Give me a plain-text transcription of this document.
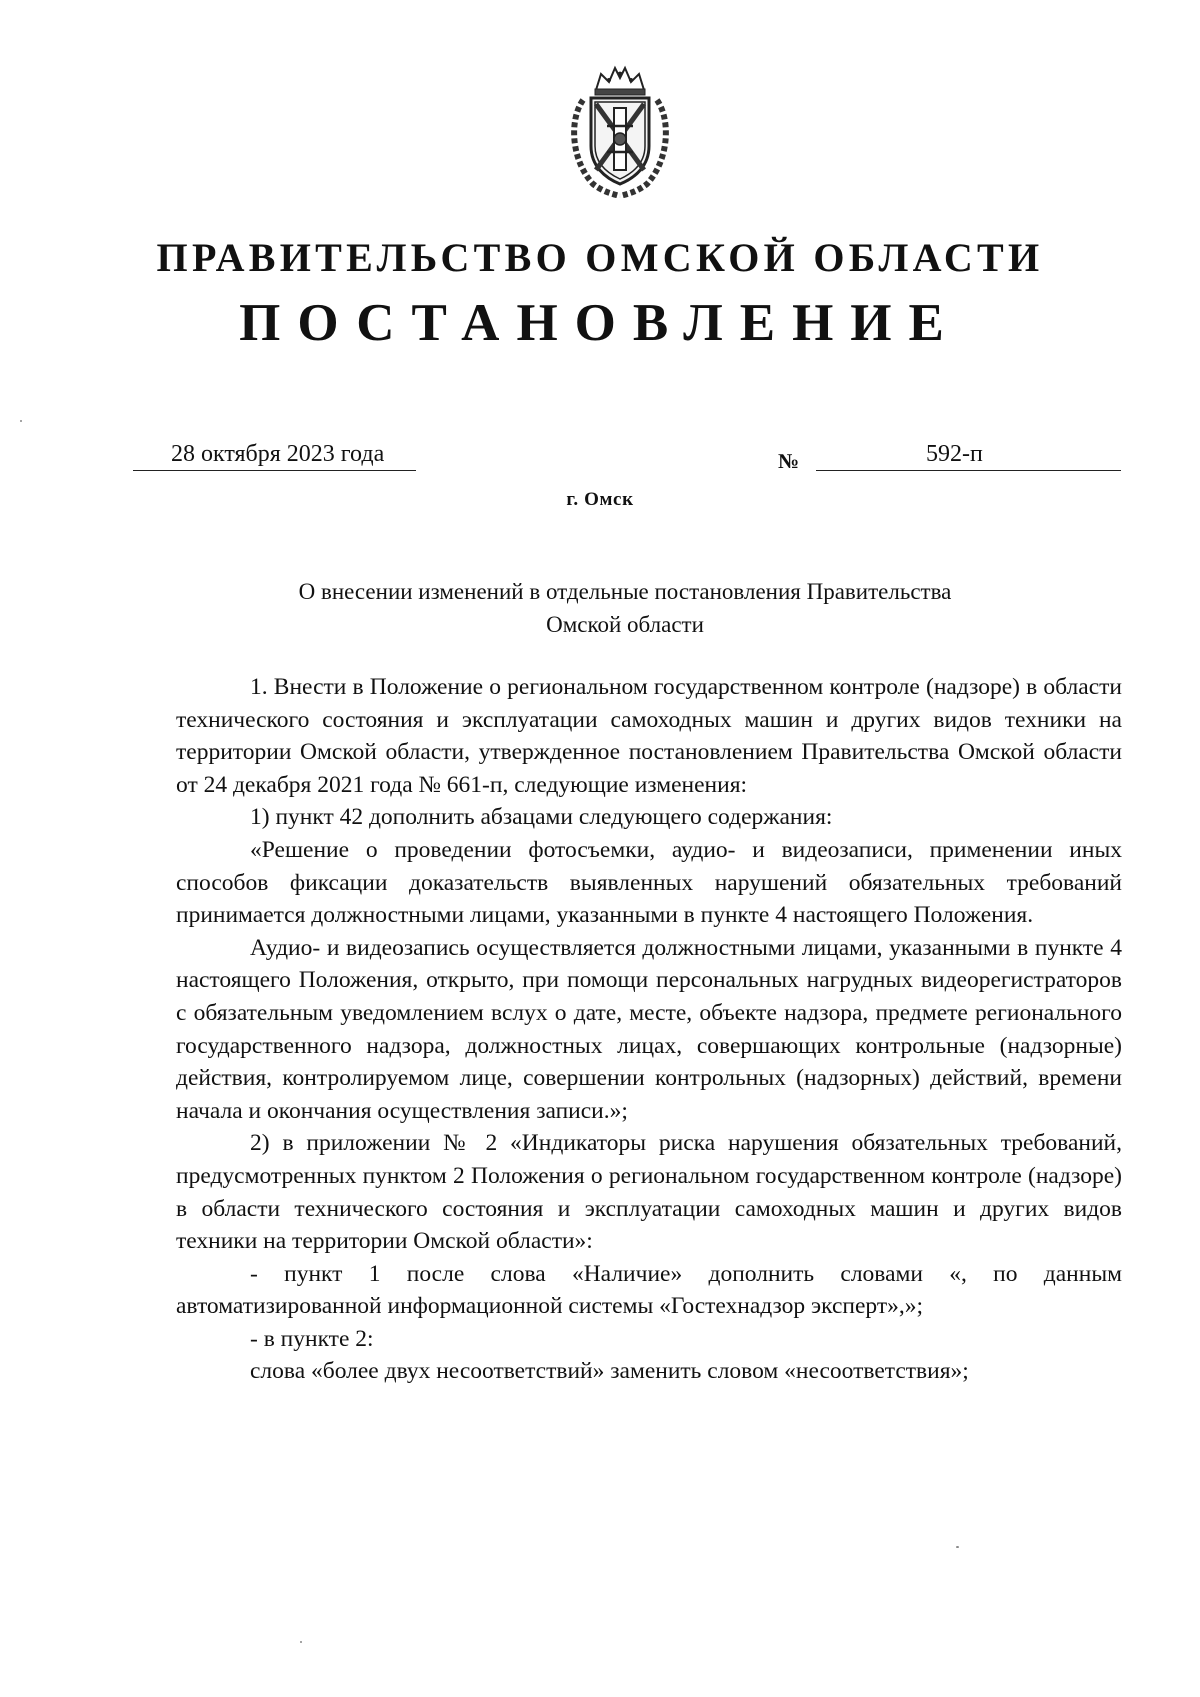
ПРАВИТЕЛЬСТВО ОМСКОЙ ОБЛАСТИ
ПОСТАНОВЛЕНИЕ
28 октября 2023 года	№	592-п
г. Омск
О внесении изменений в отдельные постановления Правительства
Омской области

1. Внести в Положение о региональном государственном контроле (надзоре) в области технического состояния и эксплуатации самоходных машин и других видов техники на территории Омской области, утвержденное постановлением Правительства Омской области от 24 декабря 2021 года № 661-п, следующие изменения:

1) пункт 42 дополнить абзацами следующего содержания:

«Решение о проведении фотосъемки, аудио- и видеозаписи, применении иных способов фиксации доказательств выявленных нарушений обязательных требований принимается должностными лицами, указанными в пункте 4 настоящего Положения.

Аудио- и видеозапись осуществляется должностными лицами, указанными в пункте 4 настоящего Положения, открыто, при помощи персональных нагрудных видеорегистраторов с обязательным уведомлением вслух о дате, месте, объекте надзора, предмете регионального государственного надзора, должностных лицах, совершающих контрольные (надзорные) действия, контролируемом лице, совершении контрольных (надзорных) действий, времени начала и окончания осуществления записи.»;

2) в приложении № 2 «Индикаторы риска нарушения обязательных требований, предусмотренных пунктом 2 Положения о региональном государственном контроле (надзоре) в области технического состояния и эксплуатации самоходных машин и других видов техники на территории Омской области»:

- пункт 1 после слова «Наличие» дополнить словами «, по данным автоматизированной информационной системы «Гостехнадзор эксперт»,»;

- в пункте 2:

слова «более двух несоответствий» заменить словом «несоответствия»;
